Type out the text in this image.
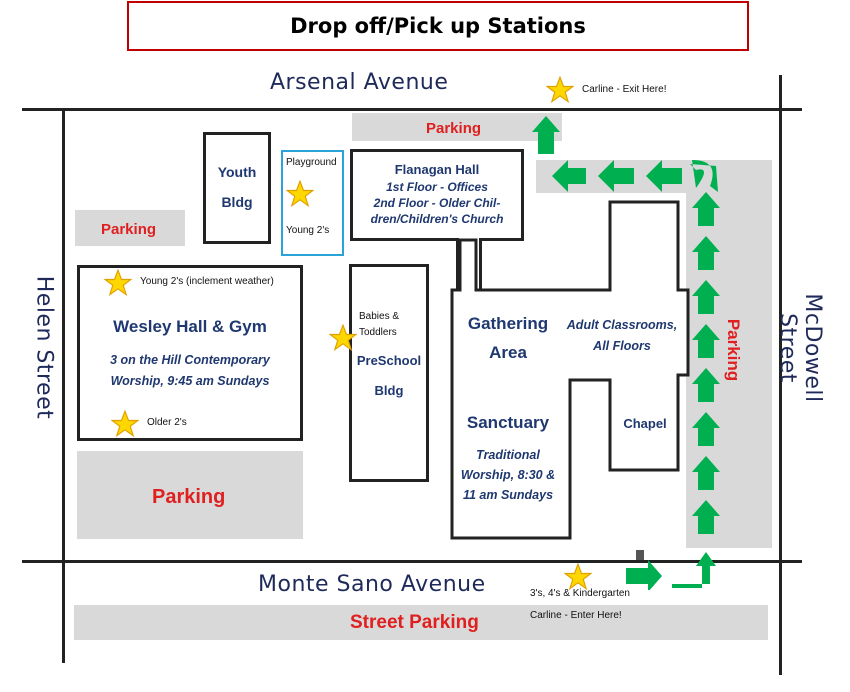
Drop off/Pick up Stations
Arsenal Avenue
Monte Sano Avenue
Helen Street	McDowell Street
Parking
Parking
Parking
Parking
Street Parking
Youth
Bldg
Playground
Young 2's
Flanagan Hall
1st Floor - Offices
2nd Floor - Older Chil-
dren/Children's Church
Wesley Hall & Gym
3 on the Hill Contemporary
Worship, 9:45 am Sundays
PreSchool
Bldg
Gathering
Area
Adult Classrooms,
All Floors
Sanctuary
Traditional
Worship, 8:30 &
11 am Sundays
Chapel
Carline - Exit Here!
Young 2's (inclement weather)
Babies &
Toddlers
Older 2's
3's, 4's & Kindergarten
Carline - Enter Here!
